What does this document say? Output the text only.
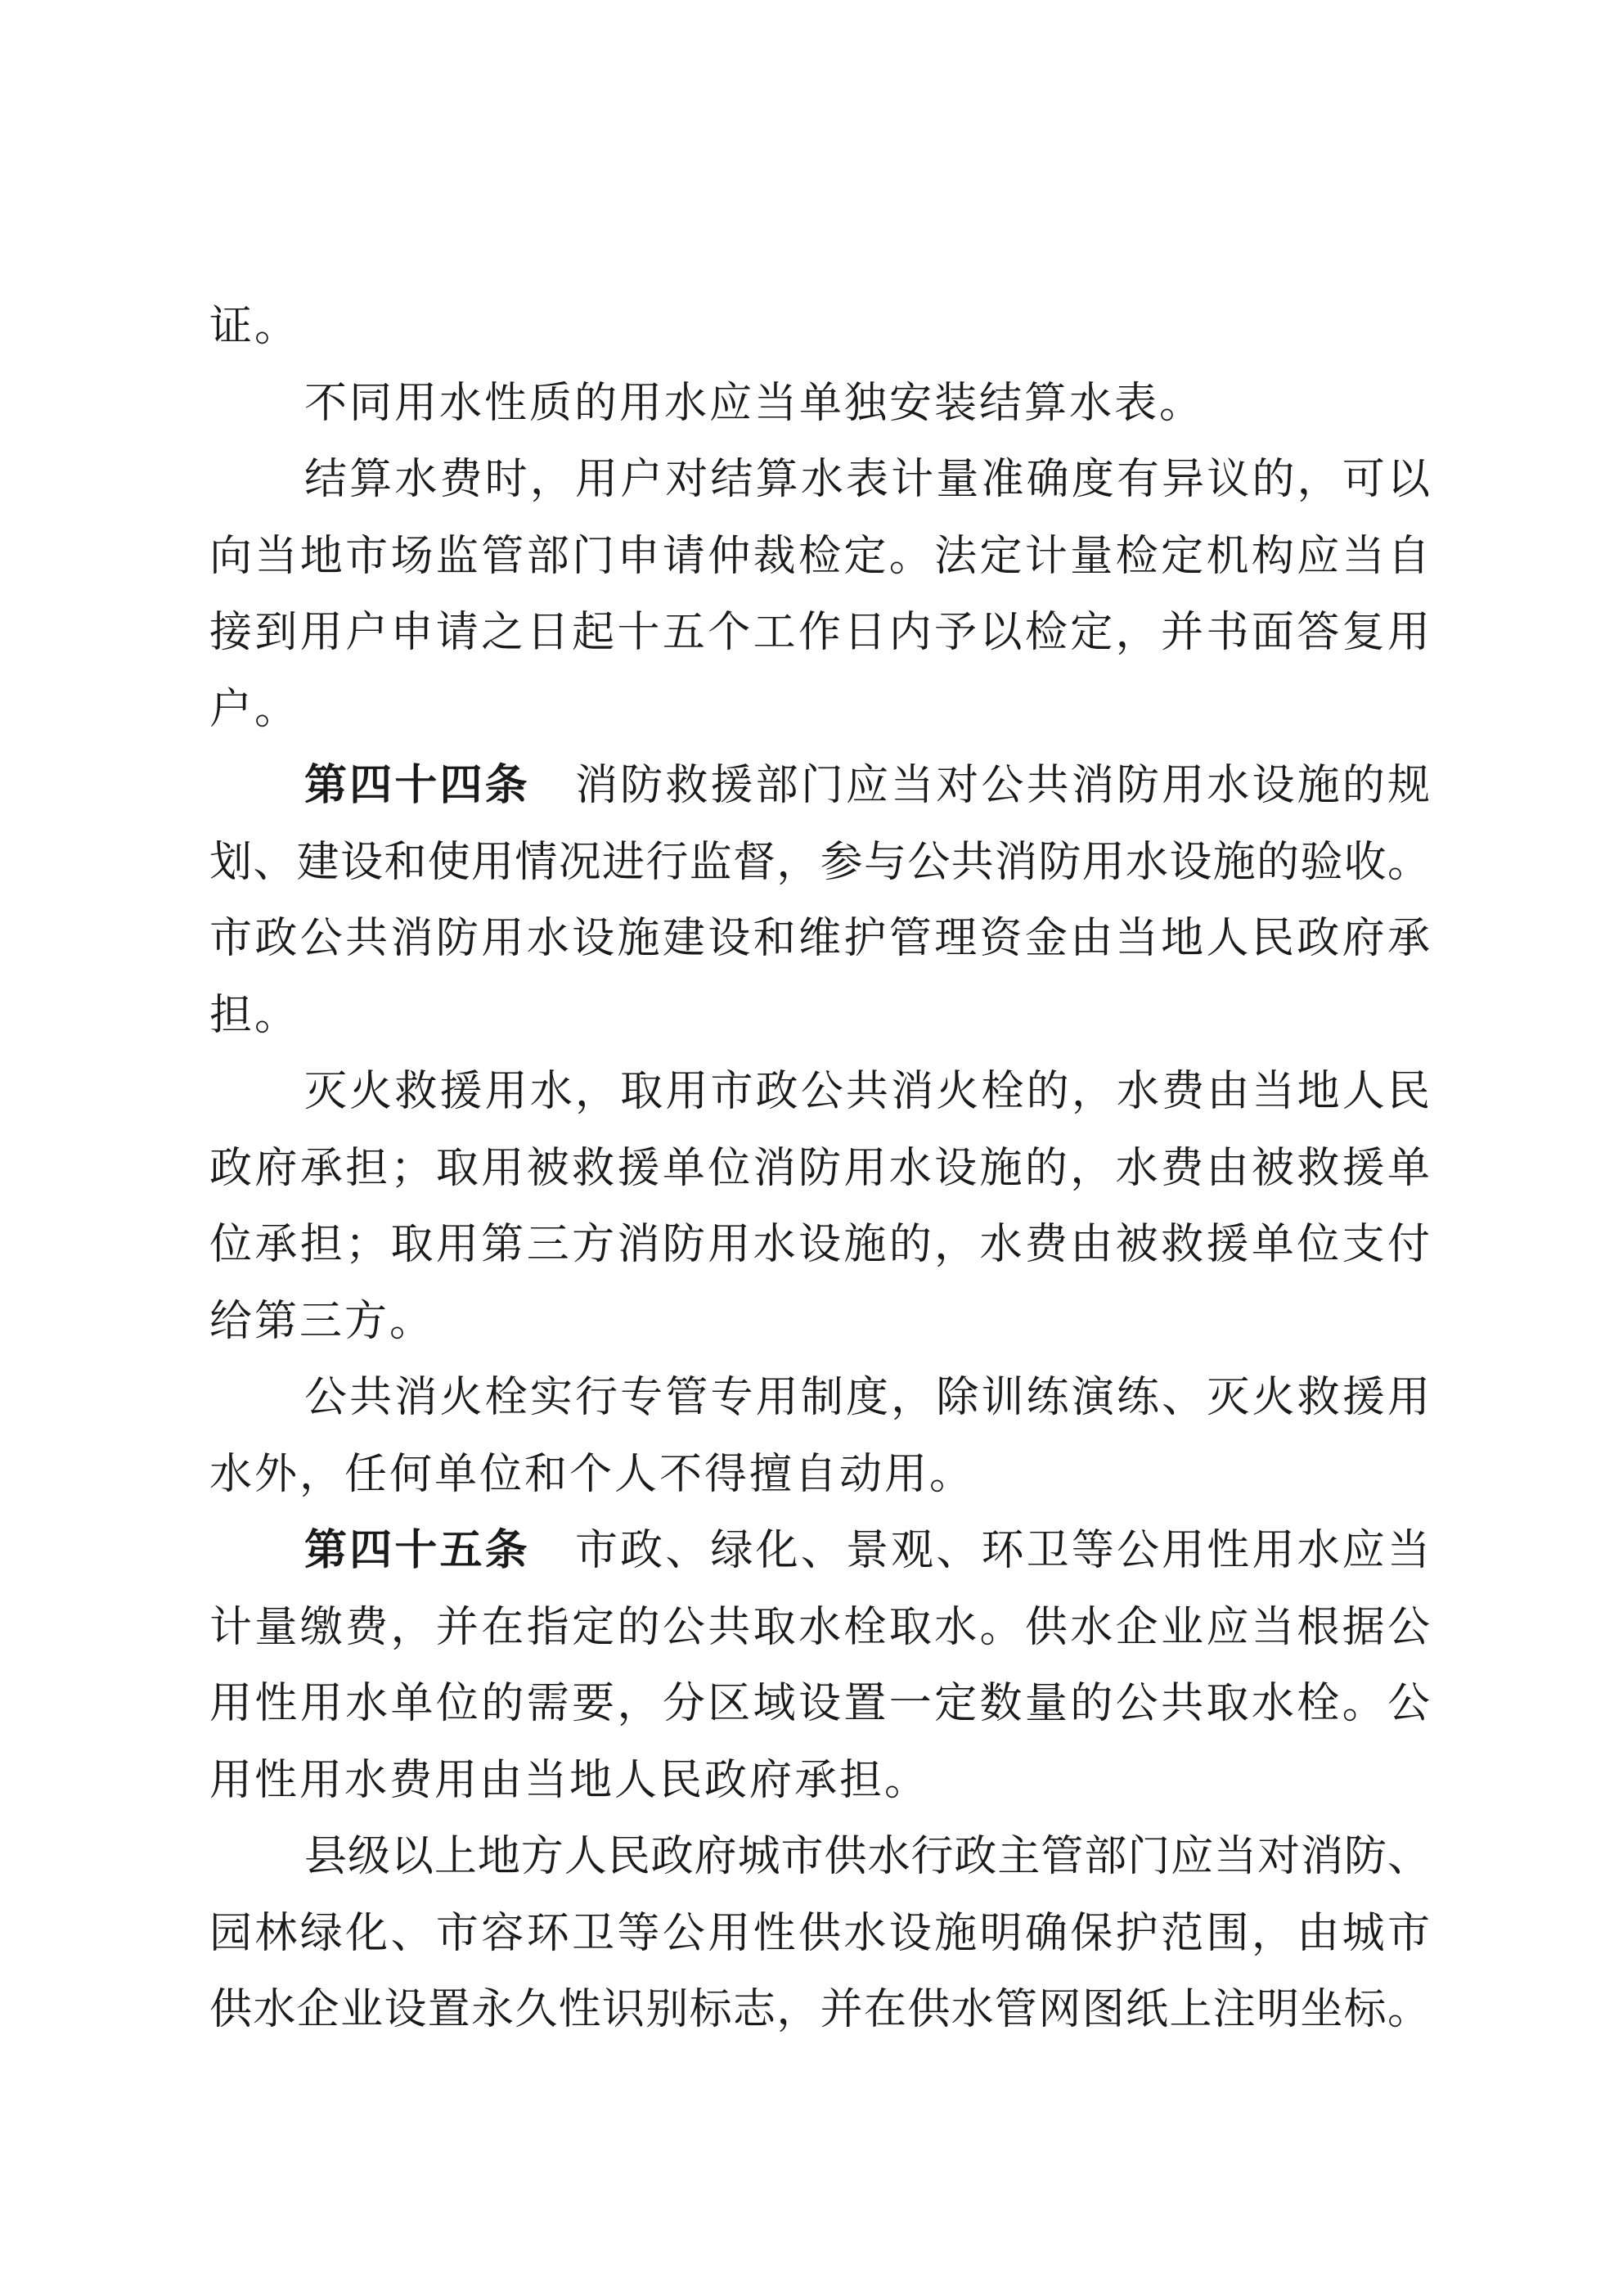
证。
不同用水性质的用水应当单独安装结算水表。
结算水费时，用户对结算水表计量准确度有异议的，可以
向当地市场监管部门申请仲裁检定。法定计量检定机构应当自
接到用户申请之日起十五个工作日内予以检定，并书面答复用
户。
第四十四条　消防救援部门应当对公共消防用水设施的规
划、建设和使用情况进行监督，参与公共消防用水设施的验收。
市政公共消防用水设施建设和维护管理资金由当地人民政府承
担。
灭火救援用水，取用市政公共消火栓的，水费由当地人民
政府承担；取用被救援单位消防用水设施的，水费由被救援单
位承担；取用第三方消防用水设施的，水费由被救援单位支付
给第三方。
公共消火栓实行专管专用制度，除训练演练、灭火救援用
水外，任何单位和个人不得擅自动用。
第四十五条　市政、绿化、景观、环卫等公用性用水应当
计量缴费，并在指定的公共取水栓取水。供水企业应当根据公
用性用水单位的需要，分区域设置一定数量的公共取水栓。公
用性用水费用由当地人民政府承担。
县级以上地方人民政府城市供水行政主管部门应当对消防、
园林绿化、市容环卫等公用性供水设施明确保护范围，由城市
供水企业设置永久性识别标志，并在供水管网图纸上注明坐标。
